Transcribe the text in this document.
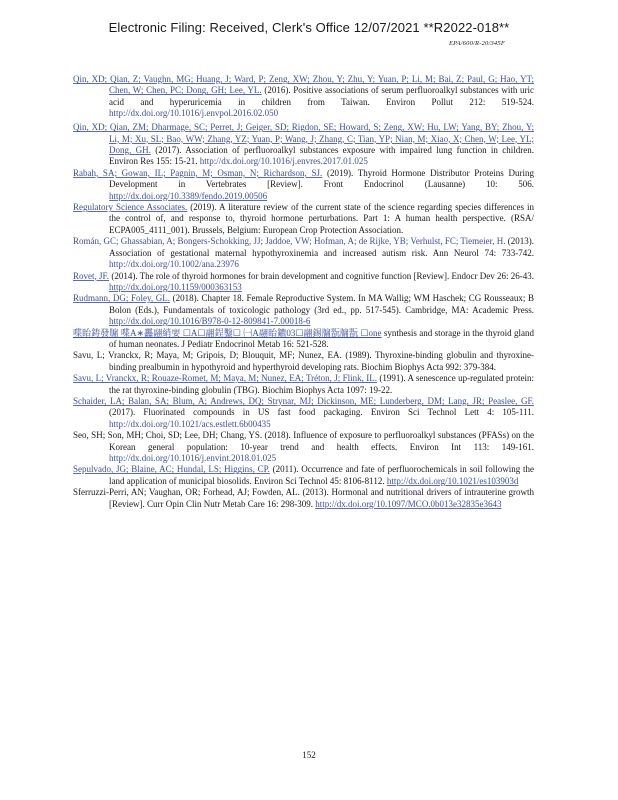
Electronic Filing: Received, Clerk's Office 12/07/2021 **R2022-018**
EPA/600/R-20/345F

Qin, XD; Qian, Z; Vaughn, MG; Huang, J; Ward, P; Zeng, XW; Zhou, Y; Zhu, Y; Yuan, P; Li, M; Bai, Z; Paul, G; Hao, YT; Chen, W; Chen, PC; Dong, GH; Lee, YL. (2016). Positive associations of serum perfluoroalkyl substances with uric acid and hyperuricemia in children from Taiwan. Environ Pollut 212: 519-524. http://dx.doi.org/10.1016/j.envpol.2016.02.050

Qin, XD; Qian, ZM; Dharmage, SC; Perret, J; Geiger, SD; Rigdon, SE; Howard, S; Zeng, XW; Hu, LW; Yang, BY; Zhou, Y; Li, M; Xu, SL; Bao, WW; Zhang, YZ; Yuan, P; Wang, J; Zhang, C; Tian, YP; Nian, M; Xiao, X; Chen, W; Lee, YL; Dong, GH. (2017). Association of perfluoroalkyl substances exposure with impaired lung function in children. Environ Res 155: 15-21. http://dx.doi.org/10.1016/j.envres.2017.01.025

Rabah, SA; Gowan, IL; Pagnin, M; Osman, N; Richardson, SJ. (2019). Thyroid Hormone Distributor Proteins During Development in Vertebrates [Review]. Front Endocrinol (Lausanne) 10: 506. http://dx.doi.org/10.3389/fendo.2019.00506

Regulatory Science Associates. (2019). A literature review of the current state of the science regarding species differences in the control of, and response to, thyroid hormone perturbations. Part 1: A human health perspective. (RSA/ ECPA005_4111_001). Brussels, Belgium: European Crop Protection Association.

Román, GC; Ghassabian, A; Bongers-Schokking, JJ; Jaddoe, VW; Hofman, A; de Rijke, YB; Verhulst, FC; Tiemeier, H. (2013). Association of gestational maternal hypothyroxinemia and increased autism risk. Ann Neurol 74: 733-742. http://dx.doi.org/10.1002/ana.23976

Rovet, JF. (2014). The role of thyroid hormones for brain development and cognitive function [Review]. Endocr Dev 26: 26-43. http://dx.doi.org/10.1159/000363153

Rudmann, DG; Foley, GL. (2018). Chapter 18. Female Reproductive System. In MA Wallig; WM Haschek; CG Rousseaux; B Bolon (Eds.), Fundamentals of toxicologic pathology (3rd ed., pp. 517-545). Cambridge, MA: Academic Press. http://dx.doi.org/10.1016/B978-0-12-809841-7.00018-6

喋眙鋳發牖 喋A∗靐翮綃婯 ☐A☐翮鋥鑿☐ ㈠A翮眙鑣03☐翮錫牖翫牖翫 ☐one synthesis and storage in the thyroid gland of human neonates. J Pediatr Endocrinol Metab 16: 521-528.

Savu, L; Vranckx, R; Maya, M; Gripois, D; Blouquit, MF; Nunez, EA. (1989). Thyroxine-binding globulin and thyroxine-binding prealbumin in hypothyroid and hyperthyroid developing rats. Biochim Biophys Acta 992: 379-384.

Savu, L; Vranckx, R; Rouaze-Romet, M; Maya, M; Nunez, EA; Tréton, J; Flink, IL. (1991). A senescence up-regulated protein: the rat thyroxine-binding globulin (TBG). Biochim Biophys Acta 1097: 19-22.

Schaider, LA; Balan, SA; Blum, A; Andrews, DQ; Strynar, MJ; Dickinson, ME; Lunderberg, DM; Lang, JR; Peaslee, GF. (2017). Fluorinated compounds in US fast food packaging. Environ Sci Technol Lett 4: 105-111. http://dx.doi.org/10.1021/acs.estlett.6b00435

Seo, SH; Son, MH; Choi, SD; Lee, DH; Chang, YS. (2018). Influence of exposure to perfluoroalkyl substances (PFASs) on the Korean general population: 10-year trend and health effects. Environ Int 113: 149-161. http://dx.doi.org/10.1016/j.envint.2018.01.025

Sepulvado, JG; Blaine, AC; Hundal, LS; Higgins, CP. (2011). Occurrence and fate of perfluorochemicals in soil following the land application of municipal biosolids. Environ Sci Technol 45: 8106-8112. http://dx.doi.org/10.1021/es103903d

Sferruzzi-Perri, AN; Vaughan, OR; Forhead, AJ; Fowden, AL. (2013). Hormonal and nutritional drivers of intrauterine growth [Review]. Curr Opin Clin Nutr Metab Care 16: 298-309. http://dx.doi.org/10.1097/MCO.0b013e32835e3643

152
